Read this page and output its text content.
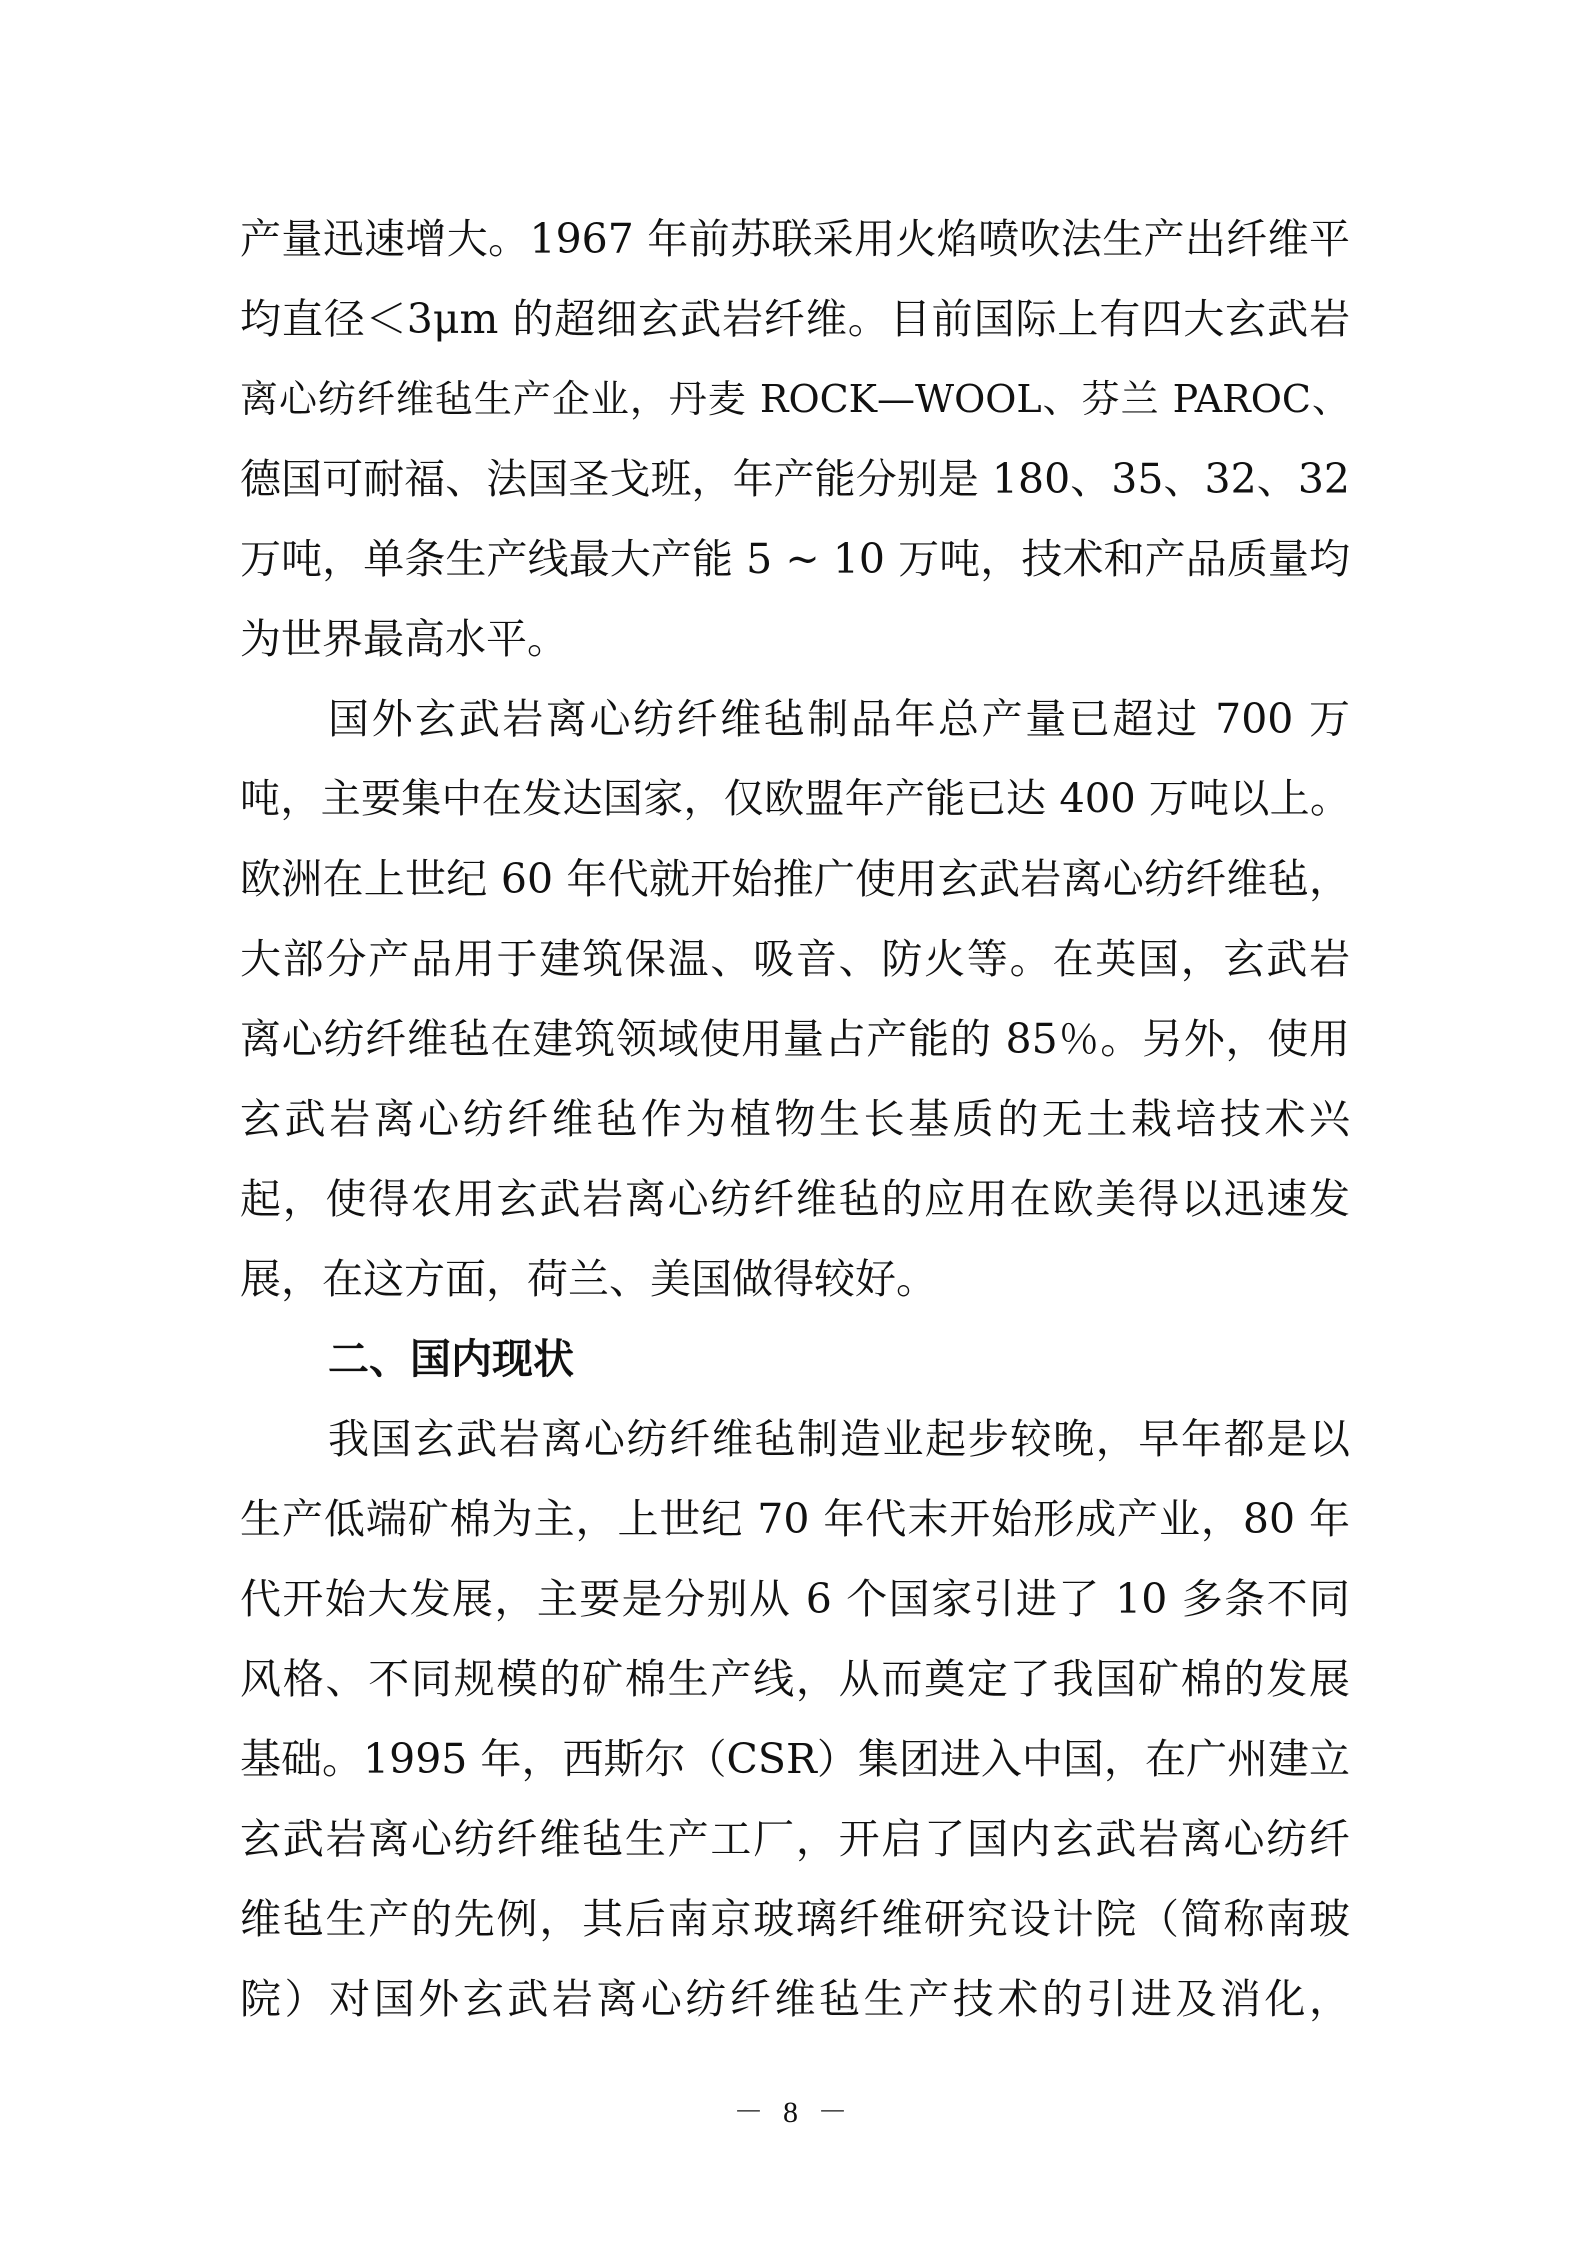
产量迅速增大。1967 年前苏联采用火焰喷吹法生产出纤维平
均直径＜3μm 的超细玄武岩纤维。目前国际上有四大玄武岩
离心纺纤维毡生产企业，丹麦 ROCK—WOOL、芬兰 PAROC、
德国可耐福、法国圣戈班，年产能分别是 180、35、32、32
万吨，单条生产线最大产能 5 ~ 10 万吨，技术和产品质量均
为世界最高水平。
国外玄武岩离心纺纤维毡制品年总产量已超过 700 万
吨，主要集中在发达国家，仅欧盟年产能已达 400 万吨以上。
欧洲在上世纪 60 年代就开始推广使用玄武岩离心纺纤维毡，
大部分产品用于建筑保温、吸音、防火等。在英国，玄武岩
离心纺纤维毡在建筑领域使用量占产能的 85％。另外，使用
玄武岩离心纺纤维毡作为植物生长基质的无土栽培技术兴
起，使得农用玄武岩离心纺纤维毡的应用在欧美得以迅速发
展，在这方面，荷兰、美国做得较好。
二、国内现状
我国玄武岩离心纺纤维毡制造业起步较晚，早年都是以
生产低端矿棉为主，上世纪 70 年代末开始形成产业，80 年
代开始大发展，主要是分别从 6 个国家引进了 10 多条不同
风格、不同规模的矿棉生产线，从而奠定了我国矿棉的发展
基础。1995 年，西斯尔（CSR）集团进入中国，在广州建立
玄武岩离心纺纤维毡生产工厂，开启了国内玄武岩离心纺纤
维毡生产的先例，其后南京玻璃纤维研究设计院（简称南玻
院）对国外玄武岩离心纺纤维毡生产技术的引进及消化，
－ 8 －
